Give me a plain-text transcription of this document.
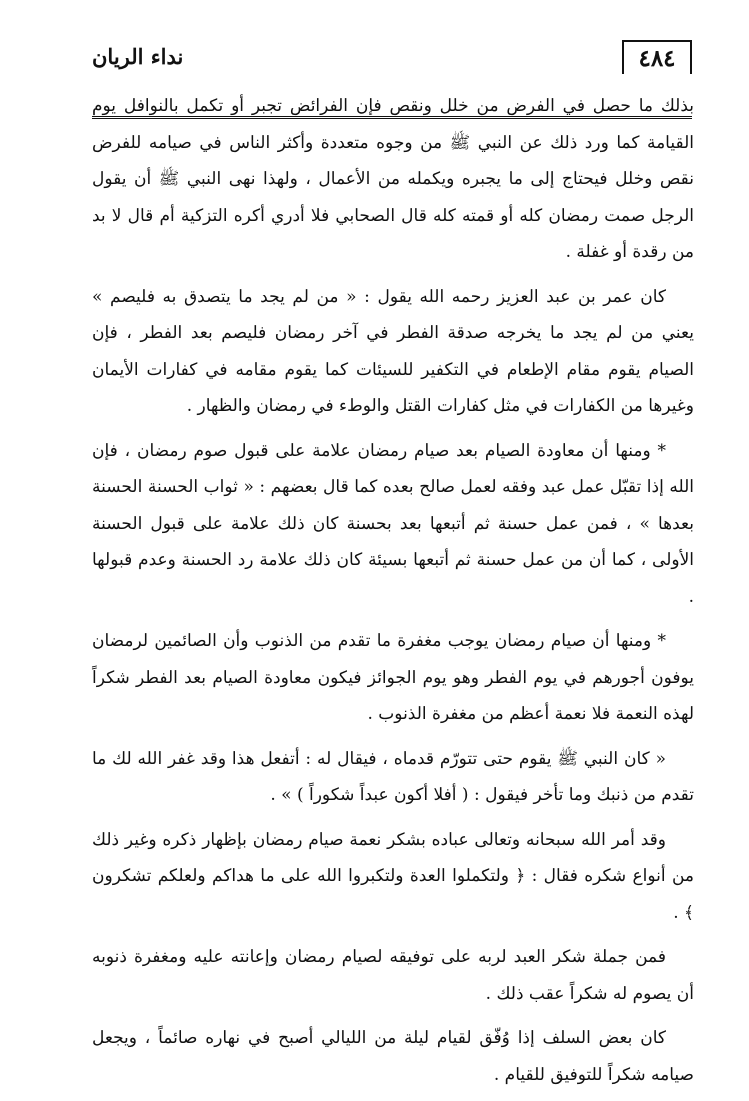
٤٨٤
نداء الريان

بذلك ما حصل في الفرض من خلل ونقص فإن الفرائض تجبر أو تكمل بالنوافل يوم القيامة كما ورد ذلك عن النبي ﷺ من وجوه متعددة وأكثر الناس في صيامه للفرض نقص وخلل فيحتاج إلى ما يجبره ويكمله من الأعمال ، ولهذا نهى النبي ﷺ أن يقول الرجل صمت رمضان كله أو قمته كله قال الصحابي فلا أدري أكره التزكية أم قال لا بد من رقدة أو غفلة .

كان عمر بن عبد العزيز رحمه الله يقول : « من لم يجد ما يتصدق به فليصم » يعني من لم يجد ما يخرجه صدقة الفطر في آخر رمضان فليصم بعد الفطر ، فإن الصيام يقوم مقام الإطعام في التكفير للسيئات كما يقوم مقامه في كفارات الأيمان وغيرها من الكفارات في مثل كفارات القتل والوطء في رمضان والظهار .

* ومنها أن معاودة الصيام بعد صيام رمضان علامة على قبول صوم رمضان ، فإن الله إذا تقبّل عمل عبد وفقه لعمل صالح بعده كما قال بعضهم : « ثواب الحسنة الحسنة بعدها » ، فمن عمل حسنة ثم أتبعها بعد بحسنة كان ذلك علامة على قبول الحسنة الأولى ، كما أن من عمل حسنة ثم أتبعها بسيئة كان ذلك علامة رد الحسنة وعدم قبولها .

* ومنها أن صيام رمضان يوجب مغفرة ما تقدم من الذنوب وأن الصائمين لرمضان يوفون أجورهم في يوم الفطر وهو يوم الجوائز فيكون معاودة الصيام بعد الفطر شكراً لهذه النعمة فلا نعمة أعظم من مغفرة الذنوب .

« كان النبي ﷺ يقوم حتى تتورّم قدماه ، فيقال له : أتفعل هذا وقد غفر الله لك ما تقدم من ذنبك وما تأخر فيقول : ( أفلا أكون عبداً شكوراً ) » .

وقد أمر الله سبحانه وتعالى عباده بشكر نعمة صيام رمضان بإظهار ذكره وغير ذلك من أنواع شكره فقال : ﴿ ولتكملوا العدة ولتكبروا الله على ما هداكم ولعلكم تشكرون ﴾ .

فمن جملة شكر العبد لربه على توفيقه لصيام رمضان وإعانته عليه ومغفرة ذنوبه أن يصوم له شكراً عقب ذلك .

كان بعض السلف إذا وُفّق لقيام ليلة من الليالي أصبح في نهاره صائماً ، ويجعل صيامه شكراً للتوفيق للقيام .
